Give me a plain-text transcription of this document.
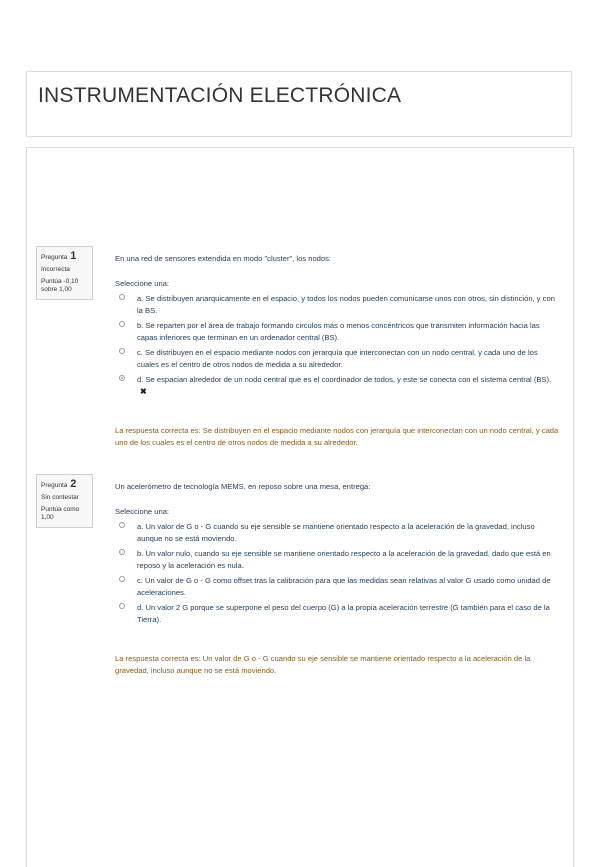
INSTRUMENTACIÓN ELECTRÓNICA
Pregunta 1
Incorrecta
Puntúa -0,10 sobre 1,00
En una red de sensores extendida en modo "cluster", los nodos:
Seleccione una:
a. Se distribuyen anarquicamente en el espacio, y todos los nodos pueden comunicarse unos con otros, sin distinción, y con la BS.
b. Se reparten por el área de trabajo formando circulos más o menos concéntricos que transmiten información hacia las capas inferiores que terminan en un ordenador central (BS).
c. Se distribuyen en el espacio mediante nodos con jerarquía que interconectan con un nodo central, y cada uno de los cuales es el centro de otros nodos de medida a su alrededor.
d. Se espacian alrededor de un nodo central que es el coordinador de todos, y este se conecta con el sistema central (BS). ✖
La respuesta correcta es: Se distribuyen en el espacio mediante nodos con jerarquía que interconectan con un nodo central, y cada uno de los cuales es el centro de otros nodos de medida a su alrededor.
Pregunta 2
Sin contestar
Puntúa como 1,00
Un acelerómetro de tecnología MEMS, en reposo sobre una mesa, entrega:
Seleccione una:
a. Un valor de G o - G cuando su eje sensible se mantiene orientado respecto a la aceleración de la gravedad, incluso aunque no se está moviendo.
b. Un valor nulo, cuando su eje sensible se mantiene orientado respecto a la aceleración de la gravedad, dado que está en reposo y la aceleración es nula.
c. Un valor de G o - G como offset tras la calibración para que las medidas sean relativas al valor G usado como unidad de aceleraciones.
d. Un valor 2 G porque se superpone el peso del cuerpo (G) a la propia aceleración terrestre (G también para el caso de la Tierra).
La respuesta correcta es: Un valor de G o - G cuando su eje sensible se mantiene orientado respecto a la aceleración de la gravedad, incluso aunque no se está moviendo.
